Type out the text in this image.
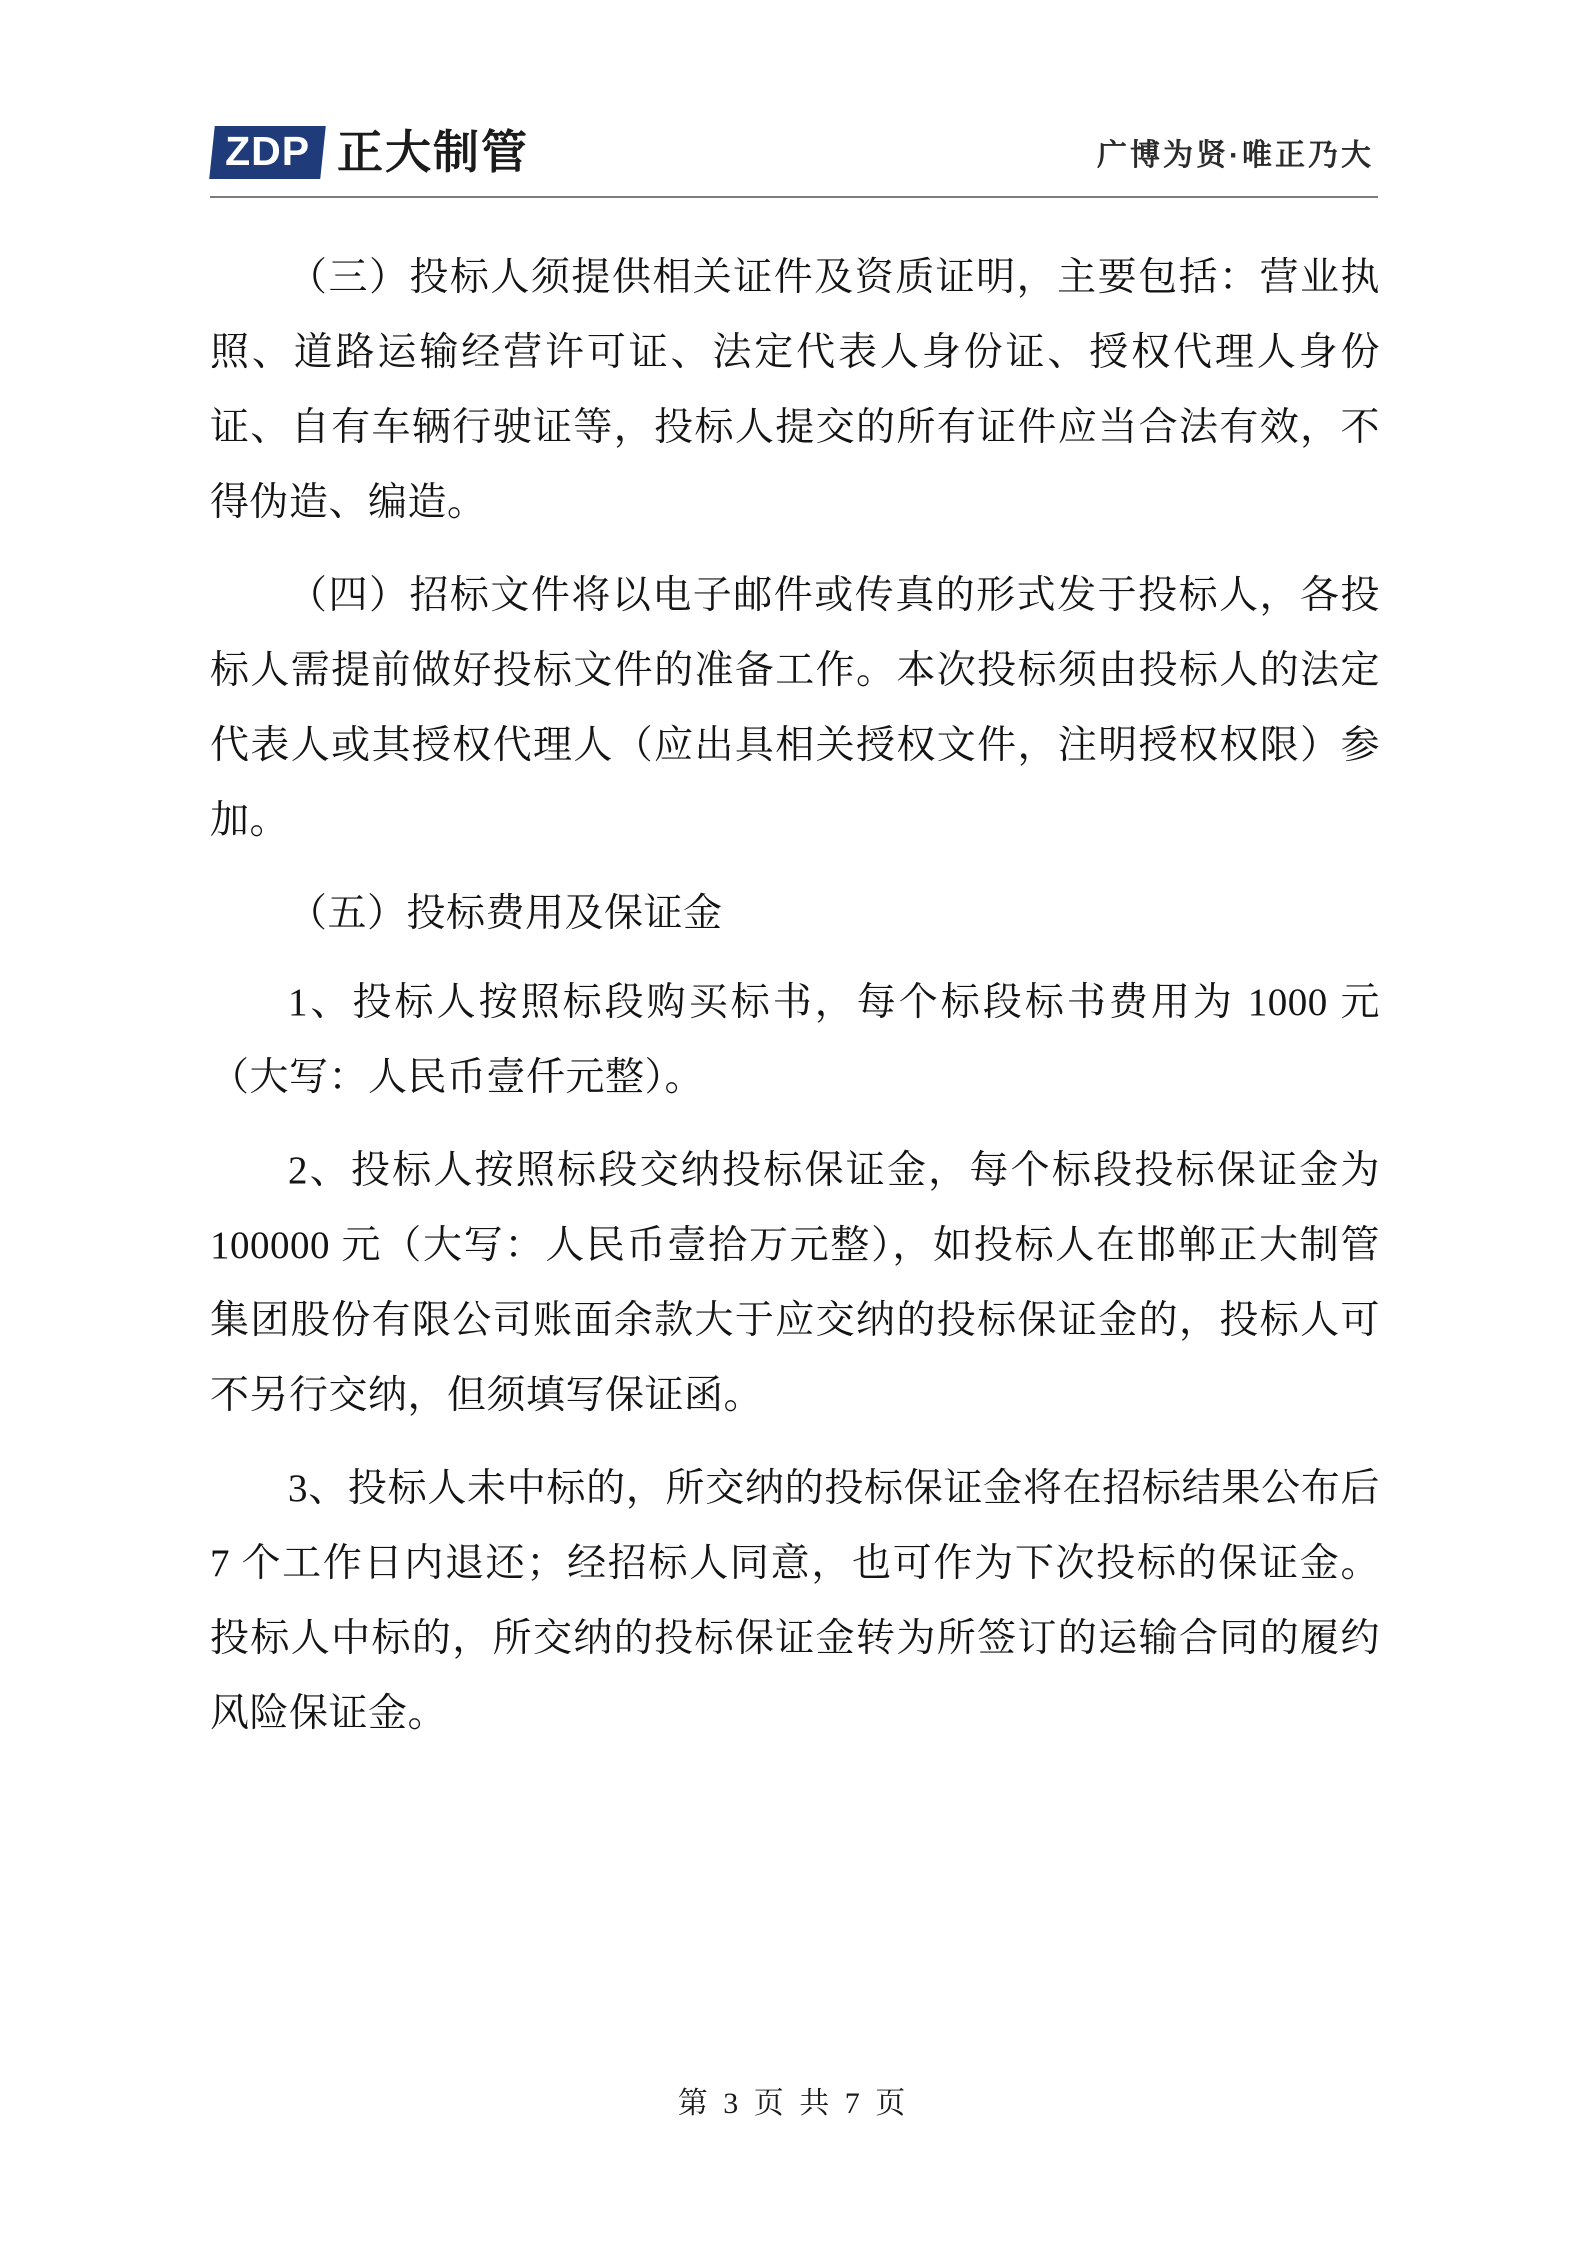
ZDP 正大制管	广博为贤·唯正乃大

（三）投标人须提供相关证件及资质证明，主要包括：营业执照、道路运输经营许可证、法定代表人身份证、授权代理人身份证、自有车辆行驶证等，投标人提交的所有证件应当合法有效，不得伪造、编造。

（四）招标文件将以电子邮件或传真的形式发于投标人，各投标人需提前做好投标文件的准备工作。本次投标须由投标人的法定代表人或其授权代理人（应出具相关授权文件，注明授权权限）参加。

（五）投标费用及保证金

1、投标人按照标段购买标书，每个标段标书费用为 1000 元（大写：人民币壹仟元整）。

2、投标人按照标段交纳投标保证金，每个标段投标保证金为 100000 元（大写：人民币壹拾万元整），如投标人在邯郸正大制管集团股份有限公司账面余款大于应交纳的投标保证金的，投标人可不另行交纳，但须填写保证函。

3、投标人未中标的，所交纳的投标保证金将在招标结果公布后 7 个工作日内退还；经招标人同意，也可作为下次投标的保证金。投标人中标的，所交纳的投标保证金转为所签订的运输合同的履约风险保证金。

第 3 页 共 7 页
